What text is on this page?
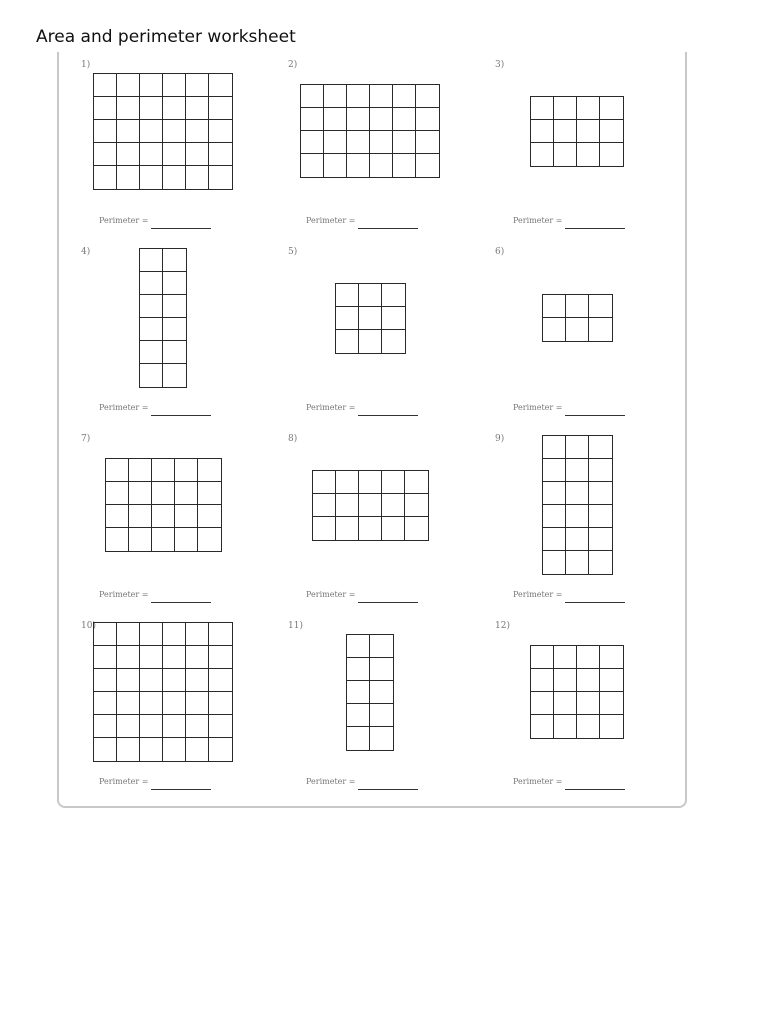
Area and perimeter worksheet
1)
Perimeter =
2)
Perimeter =
3)
Perimeter =
4)
Perimeter =
5)
Perimeter =
6)
Perimeter =
7)
Perimeter =
8)
Perimeter =
9)
Perimeter =
10)
Perimeter =
11)
Perimeter =
12)
Perimeter =
